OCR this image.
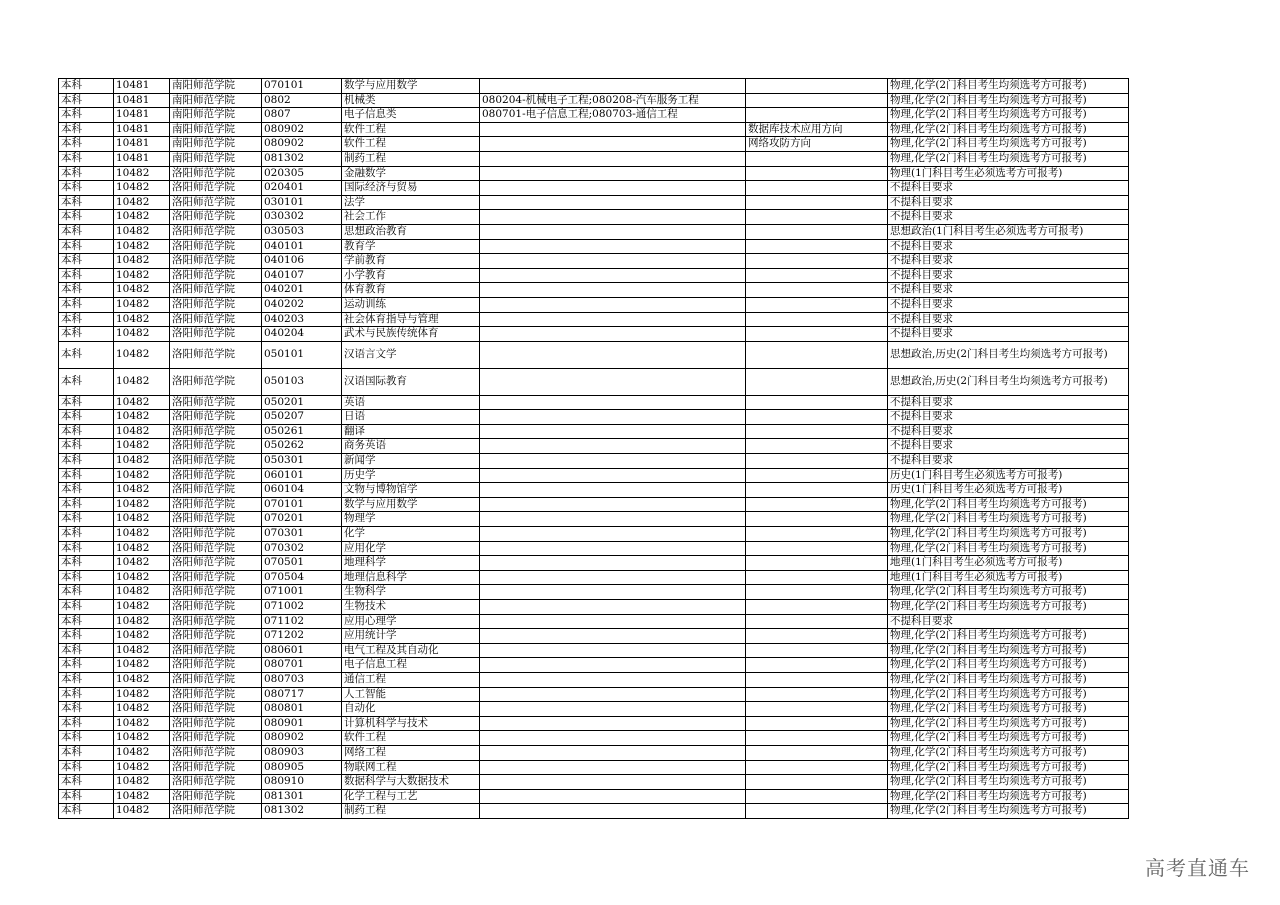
本科	10481	南阳师范学院	070101	数学与应用数学			物理,化学(2门科目考生均须选考方可报考)
本科	10481	南阳师范学院	0802	机械类	080204-机械电子工程;080208-汽车服务工程		物理,化学(2门科目考生均须选考方可报考)
本科	10481	南阳师范学院	0807	电子信息类	080701-电子信息工程;080703-通信工程		物理,化学(2门科目考生均须选考方可报考)
本科	10481	南阳师范学院	080902	软件工程		数据库技术应用方向	物理,化学(2门科目考生均须选考方可报考)
本科	10481	南阳师范学院	080902	软件工程		网络攻防方向	物理,化学(2门科目考生均须选考方可报考)
本科	10481	南阳师范学院	081302	制药工程			物理,化学(2门科目考生均须选考方可报考)
本科	10482	洛阳师范学院	020305	金融数学			物理(1门科目考生必须选考方可报考)
本科	10482	洛阳师范学院	020401	国际经济与贸易			不提科目要求
本科	10482	洛阳师范学院	030101	法学			不提科目要求
本科	10482	洛阳师范学院	030302	社会工作			不提科目要求
本科	10482	洛阳师范学院	030503	思想政治教育			思想政治(1门科目考生必须选考方可报考)
本科	10482	洛阳师范学院	040101	教育学			不提科目要求
本科	10482	洛阳师范学院	040106	学前教育			不提科目要求
本科	10482	洛阳师范学院	040107	小学教育			不提科目要求
本科	10482	洛阳师范学院	040201	体育教育			不提科目要求
本科	10482	洛阳师范学院	040202	运动训练			不提科目要求
本科	10482	洛阳师范学院	040203	社会体育指导与管理			不提科目要求
本科	10482	洛阳师范学院	040204	武术与民族传统体育			不提科目要求
本科	10482	洛阳师范学院	050101	汉语言文学			思想政治,历史(2门科目考生均须选考方可报考)
本科	10482	洛阳师范学院	050103	汉语国际教育			思想政治,历史(2门科目考生均须选考方可报考)
本科	10482	洛阳师范学院	050201	英语			不提科目要求
本科	10482	洛阳师范学院	050207	日语			不提科目要求
本科	10482	洛阳师范学院	050261	翻译			不提科目要求
本科	10482	洛阳师范学院	050262	商务英语			不提科目要求
本科	10482	洛阳师范学院	050301	新闻学			不提科目要求
本科	10482	洛阳师范学院	060101	历史学			历史(1门科目考生必须选考方可报考)
本科	10482	洛阳师范学院	060104	文物与博物馆学			历史(1门科目考生必须选考方可报考)
本科	10482	洛阳师范学院	070101	数学与应用数学			物理,化学(2门科目考生均须选考方可报考)
本科	10482	洛阳师范学院	070201	物理学			物理,化学(2门科目考生均须选考方可报考)
本科	10482	洛阳师范学院	070301	化学			物理,化学(2门科目考生均须选考方可报考)
本科	10482	洛阳师范学院	070302	应用化学			物理,化学(2门科目考生均须选考方可报考)
本科	10482	洛阳师范学院	070501	地理科学			地理(1门科目考生必须选考方可报考)
本科	10482	洛阳师范学院	070504	地理信息科学			地理(1门科目考生必须选考方可报考)
本科	10482	洛阳师范学院	071001	生物科学			物理,化学(2门科目考生均须选考方可报考)
本科	10482	洛阳师范学院	071002	生物技术			物理,化学(2门科目考生均须选考方可报考)
本科	10482	洛阳师范学院	071102	应用心理学			不提科目要求
本科	10482	洛阳师范学院	071202	应用统计学			物理,化学(2门科目考生均须选考方可报考)
本科	10482	洛阳师范学院	080601	电气工程及其自动化			物理,化学(2门科目考生均须选考方可报考)
本科	10482	洛阳师范学院	080701	电子信息工程			物理,化学(2门科目考生均须选考方可报考)
本科	10482	洛阳师范学院	080703	通信工程			物理,化学(2门科目考生均须选考方可报考)
本科	10482	洛阳师范学院	080717	人工智能			物理,化学(2门科目考生均须选考方可报考)
本科	10482	洛阳师范学院	080801	自动化			物理,化学(2门科目考生均须选考方可报考)
本科	10482	洛阳师范学院	080901	计算机科学与技术			物理,化学(2门科目考生均须选考方可报考)
本科	10482	洛阳师范学院	080902	软件工程			物理,化学(2门科目考生均须选考方可报考)
本科	10482	洛阳师范学院	080903	网络工程			物理,化学(2门科目考生均须选考方可报考)
本科	10482	洛阳师范学院	080905	物联网工程			物理,化学(2门科目考生均须选考方可报考)
本科	10482	洛阳师范学院	080910	数据科学与大数据技术			物理,化学(2门科目考生均须选考方可报考)
本科	10482	洛阳师范学院	081301	化学工程与工艺			物理,化学(2门科目考生均须选考方可报考)
本科	10482	洛阳师范学院	081302	制药工程			物理,化学(2门科目考生均须选考方可报考)
高考直通车
